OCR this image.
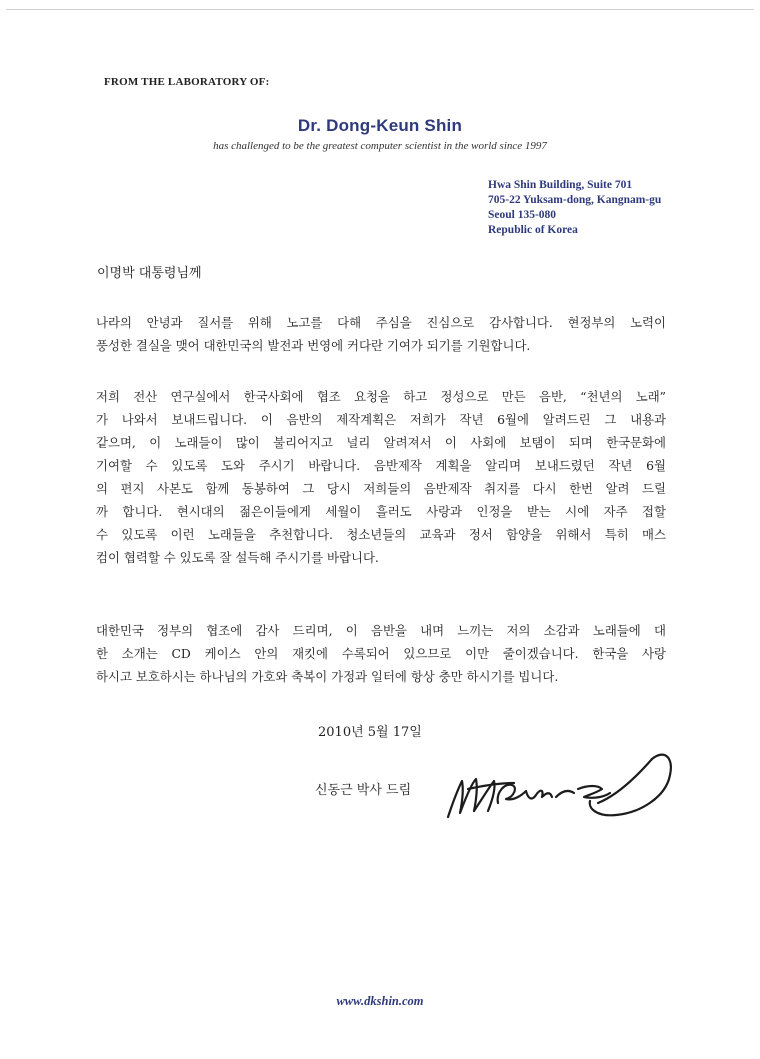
FROM THE LABORATORY OF:
Dr. Dong-Keun Shin
has challenged to be the greatest computer scientist in the world since 1997
Hwa Shin Building, Suite 701
705-22 Yuksam-dong, Kangnam-gu
Seoul 135-080
Republic of Korea
이명박 대통령님께
나라의 안녕과 질서를 위해 노고를 다해 주심을 진심으로 감사합니다. 현정부의 노력이
풍성한 결실을 맺어 대한민국의 발전과 번영에 커다란 기여가 되기를 기원합니다.
저희 전산 연구실에서 한국사회에 협조 요청을 하고 정성으로 만든 음반, “천년의 노래”
가 나와서 보내드립니다. 이 음반의 제작계획은 저희가 작년 6월에 알려드린 그 내용과
같으며, 이 노래들이 많이 불리어지고 널리 알려져서 이 사회에 보탬이 되며 한국문화에
기여할 수 있도록 도와 주시기 바랍니다. 음반제작 계획을 알리며 보내드렸던 작년 6월
의 편지 사본도 함께 동봉하여 그 당시 저희들의 음반제작 취지를 다시 한번 알려 드릴
까 합니다. 현시대의 젊은이들에게 세월이 흘러도 사랑과 인정을 받는 시에 자주 접할
수 있도록 이런 노래들을 추천합니다. 청소년들의 교육과 정서 함양을 위해서 특히 매스
컴이 협력할 수 있도록 잘 설득해 주시기를 바랍니다.
대한민국 정부의 협조에 감사 드리며, 이 음반을 내며 느끼는 저의 소감과 노래들에 대
한 소개는 CD 케이스 안의 재킷에 수록되어 있으므로 이만 줄이겠습니다. 한국을 사랑
하시고 보호하시는 하나님의 가호와 축복이 가정과 일터에 항상 충만 하시기를 빕니다.
2010년 5월 17일
신동근 박사 드림
www.dkshin.com
